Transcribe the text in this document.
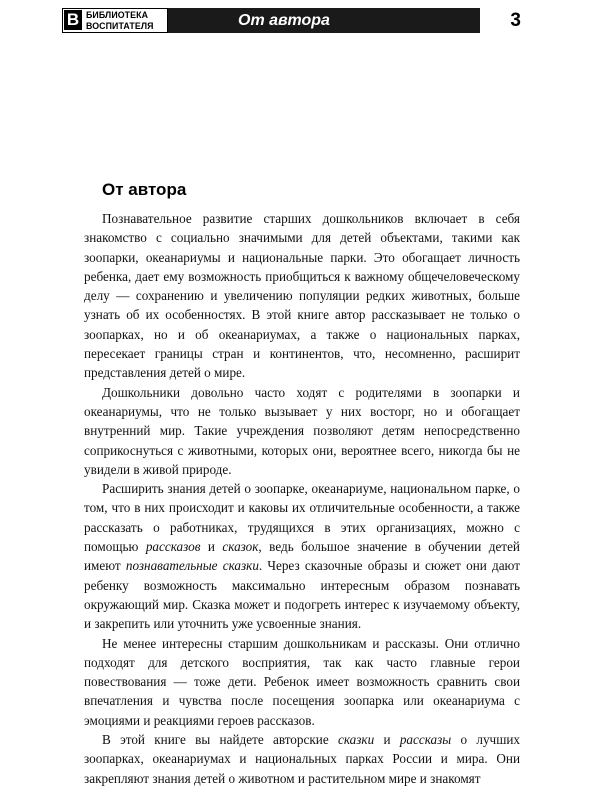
В БИБЛИОТЕКА
ВОСПИТАТЕЛЯ	От автора	3
От автора

Познавательное развитие старших дошкольников включает в себя знакомство с социально значимыми для детей объектами, такими как зоопарки, океанариумы и национальные парки. Это обогащает личность ребенка, дает ему возможность приобщиться к важному общечеловеческому делу — сохранению и увеличению популяции редких животных, больше узнать об их особенностях. В этой книге автор рассказывает не только о зоопарках, но и об океанариумах, а также о национальных парках, пересекает границы стран и континентов, что, несомненно, расширит представления детей о мире.

Дошкольники довольно часто ходят с родителями в зоопарки и океанариумы, что не только вызывает у них восторг, но и обогащает внутренний мир. Такие учреждения позволяют детям непосредственно соприкоснуться с животными, которых они, вероятнее всего, никогда бы не увидели в живой природе.

Расширить знания детей о зоопарке, океанариуме, национальном парке, о том, что в них происходит и каковы их отличительные особенности, а также рассказать о работниках, трудящихся в этих организациях, можно с помощью рассказов и сказок, ведь большое значение в обучении детей имеют познавательные сказки. Через сказочные образы и сюжет они дают ребенку возможность максимально интересным образом познавать окружающий мир. Сказка может и подогреть интерес к изучаемому объекту, и закрепить или уточнить уже усвоенные знания.

Не менее интересны старшим дошкольникам и рассказы. Они отлично подходят для детского восприятия, так как часто главные герои повествования — тоже дети. Ребенок имеет возможность сравнить свои впечатления и чувства после посещения зоопарка или океанариума с эмоциями и реакциями героев рассказов.

В этой книге вы найдете авторские сказки и рассказы о лучших зоопарках, океанариумах и национальных парках России и мира. Они закрепляют знания детей о животном и растительном мире и знакомят
